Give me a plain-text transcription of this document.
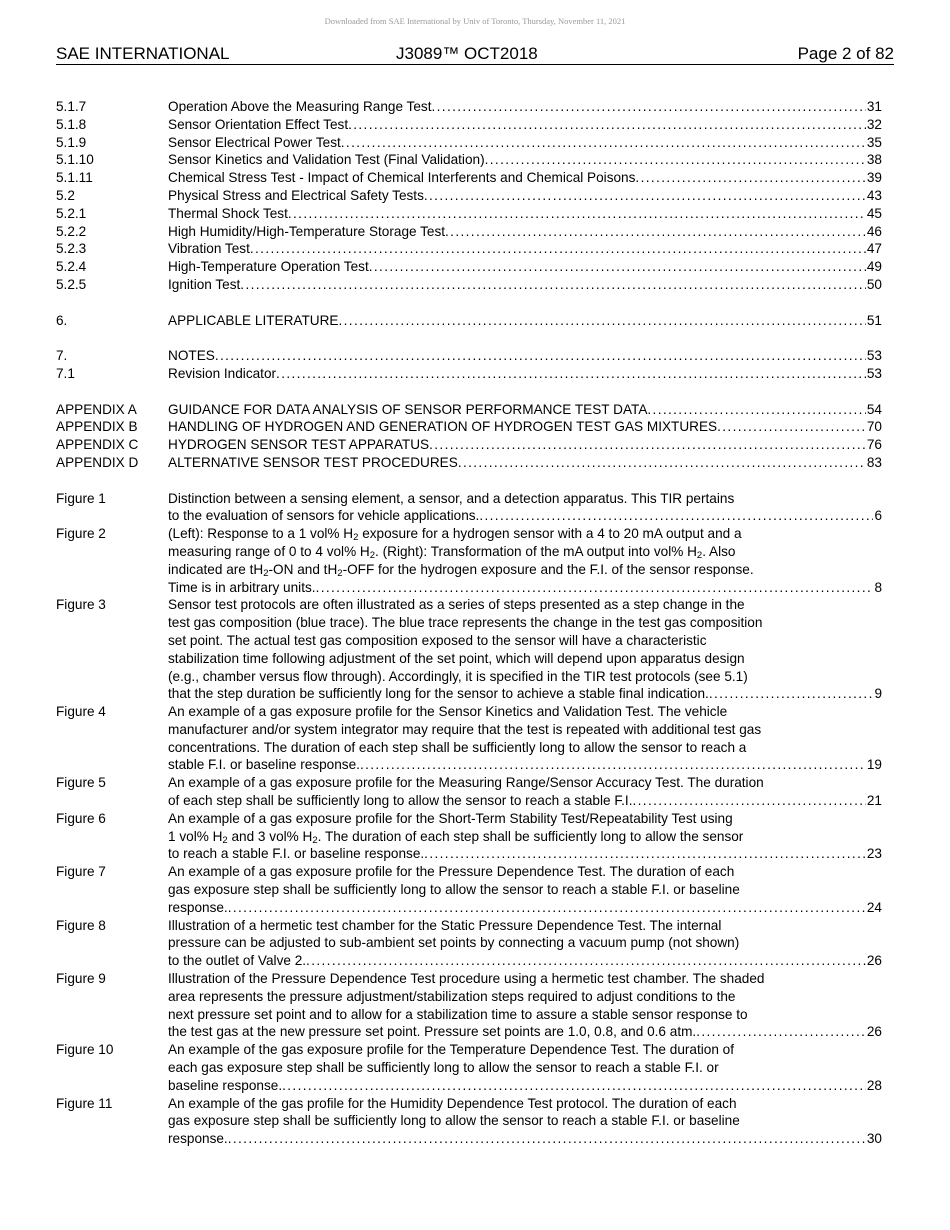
Downloaded from SAE International by Univ of Toronto, Thursday, November 11, 2021
SAE INTERNATIONAL	J3089™ OCT2018	Page 2 of 82
5.1.7	Operation Above the Measuring Range Test . . .	31
5.1.8	Sensor Orientation Effect Test . . .	32
5.1.9	Sensor Electrical Power Test . . .	35
5.1.10	Sensor Kinetics and Validation Test (Final Validation) . . .	38
5.1.11	Chemical Stress Test - Impact of Chemical Interferents and Chemical Poisons . . .	39
5.2	Physical Stress and Electrical Safety Tests . . .	43
5.2.1	Thermal Shock Test . . .	45
5.2.2	High Humidity/High-Temperature Storage Test . . .	46
5.2.3	Vibration Test . . .	47
5.2.4	High-Temperature Operation Test . . .	49
5.2.5	Ignition Test . . .	50
6.	APPLICABLE LITERATURE . . .	51
7.	NOTES . . .	53
7.1	Revision Indicator . . .	53
APPENDIX A	GUIDANCE FOR DATA ANALYSIS OF SENSOR PERFORMANCE TEST DATA . . .	54
APPENDIX B	HANDLING OF HYDROGEN AND GENERATION OF HYDROGEN TEST GAS MIXTURES . . .	70
APPENDIX C	HYDROGEN SENSOR TEST APPARATUS . . .	76
APPENDIX D	ALTERNATIVE SENSOR TEST PROCEDURES . . .	83
Figure 1	Distinction between a sensing element, a sensor, and a detection apparatus. This TIR pertains
to the evaluation of sensors for vehicle applications. . . .	6
Figure 2	(Left): Response to a 1 vol% $H_2$ exposure for a hydrogen sensor with a 4 to 20 mA output and a
measuring range of 0 to 4 vol% $H_2$. (Right): Transformation of the mA output into vol% $H_2$. Also
indicated are $tH_2-ON$ and $tH_2$-OFF for the hydrogen exposure and the F.I. of the sensor response.
Time is in arbitrary units. . . .	8
Figure 3	Sensor test protocols are often illustrated as a series of steps presented as a step change in the
test gas composition (blue trace). The blue trace represents the change in the test gas composition
set point. The actual test gas composition exposed to the sensor will have a characteristic
stabilization time following adjustment of the set point, which will depend upon apparatus design
(e.g., chamber versus flow through). Accordingly, it is specified in the TIR test protocols (see 5.1)
that the step duration be sufficiently long for the sensor to achieve a stable final indication. . . .	9
Figure 4	An example of a gas exposure profile for the Sensor Kinetics and Validation Test. The vehicle
manufacturer and/or system integrator may require that the test is repeated with additional test gas
concentrations. The duration of each step shall be sufficiently long to allow the sensor to reach a
stable F.I. or baseline response. . . .	19
Figure 5	An example of a gas exposure profile for the Measuring Range/Sensor Accuracy Test. The duration
of each step shall be sufficiently long to allow the sensor to reach a stable F.I. . . .	21
Figure 6	An example of a gas exposure profile for the Short-Term Stability Test/Repeatability Test using
1 vol% $H_2$ and 3 vol% $H_2$. The duration of each step shall be sufficiently long to allow the sensor
to reach a stable F.I. or baseline response. . . .	23
Figure 7	An example of a gas exposure profile for the Pressure Dependence Test. The duration of each
gas exposure step shall be sufficiently long to allow the sensor to reach a stable F.I. or baseline
response. . . .	24
Figure 8	Illustration of a hermetic test chamber for the Static Pressure Dependence Test. The internal
pressure can be adjusted to sub-ambient set points by connecting a vacuum pump (not shown)
to the outlet of Valve 2. . . .	26
Figure 9	Illustration of the Pressure Dependence Test procedure using a hermetic test chamber. The shaded
area represents the pressure adjustment/stabilization steps required to adjust conditions to the
next pressure set point and to allow for a stabilization time to assure a stable sensor response to
the test gas at the new pressure set point. Pressure set points are 1.0, 0.8, and 0.6 atm. . . .	26
Figure 10	An example of the gas exposure profile for the Temperature Dependence Test. The duration of
each gas exposure step shall be sufficiently long to allow the sensor to reach a stable F.I. or
baseline response. . . .	28
Figure 11	An example of the gas profile for the Humidity Dependence Test protocol. The duration of each
gas exposure step shall be sufficiently long to allow the sensor to reach a stable F.I. or baseline
response. . . .	30
